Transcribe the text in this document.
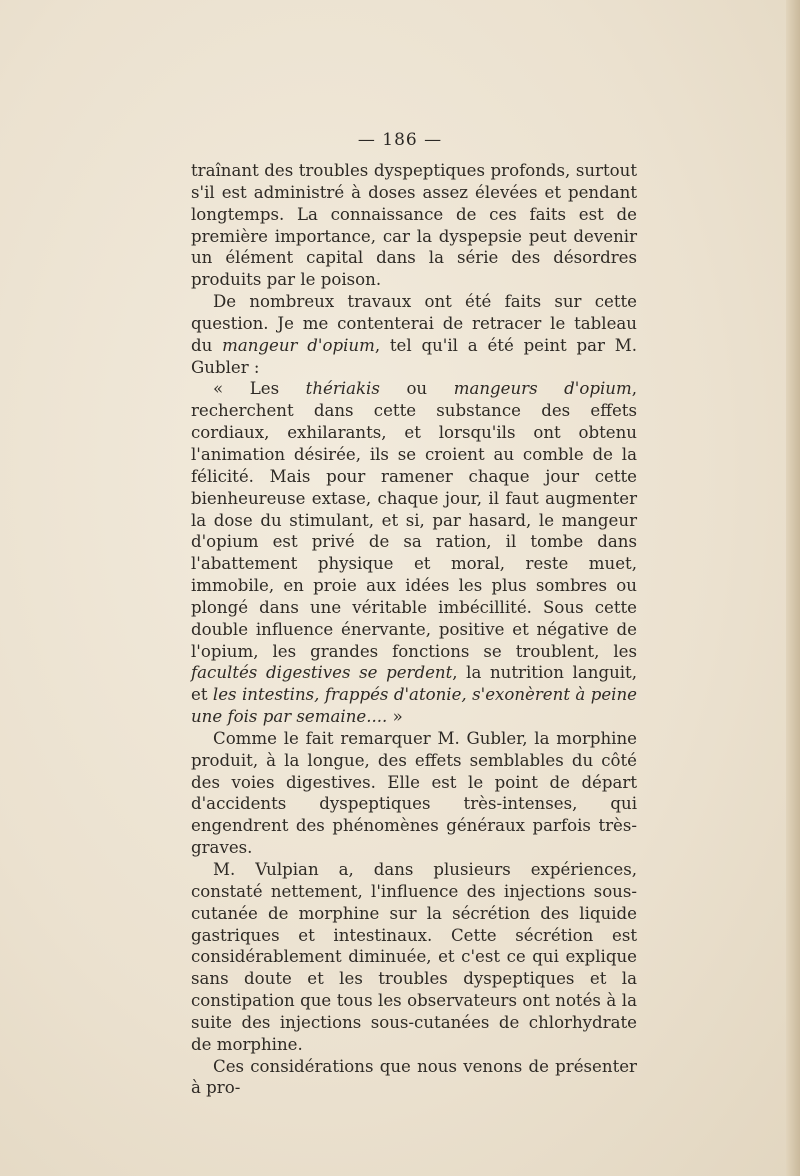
— 186 —

traînant des troubles dyspeptiques profonds, surtout s'il est administré à doses assez élevées et pendant longtemps. La connaissance de ces faits est de première importance, car la dyspepsie peut devenir un élément capital dans la série des désordres produits par le poison.

De nombreux travaux ont été faits sur cette question. Je me contenterai de retracer le tableau du mangeur d'opium, tel qu'il a été peint par M. Gubler :

« Les thériakis ou mangeurs d'opium, recherchent dans cette substance des effets cordiaux, exhilarants, et lorsqu'ils ont obtenu l'animation désirée, ils se croient au comble de la félicité. Mais pour ramener chaque jour cette bienheureuse extase, chaque jour, il faut augmenter la dose du stimulant, et si, par hasard, le mangeur d'opium est privé de sa ration, il tombe dans l'abattement physique et moral, reste muet, immobile, en proie aux idées les plus sombres ou plongé dans une véritable imbécillité. Sous cette double influence énervante, positive et négative de l'opium, les grandes fonctions se troublent, les facultés digestives se perdent, la nutrition languit, et les intestins, frappés d'atonie, s'exonèrent à peine une fois par semaine.... »

Comme le fait remarquer M. Gubler, la morphine produit, à la longue, des effets semblables du côté des voies digestives. Elle est le point de départ d'accidents dyspeptiques très-intenses, qui engendrent des phénomènes généraux parfois très-graves.

M. Vulpian a, dans plusieurs expériences, constaté nettement, l'influence des injections sous-cutanée de morphine sur la sécrétion des liquide gastriques et intestinaux. Cette sécrétion est considérablement diminuée, et c'est ce qui explique sans doute et les troubles dyspeptiques et la constipation que tous les observateurs ont notés à la suite des injections sous-cutanées de chlorhydrate de morphine.

Ces considérations que nous venons de présenter à pro-
